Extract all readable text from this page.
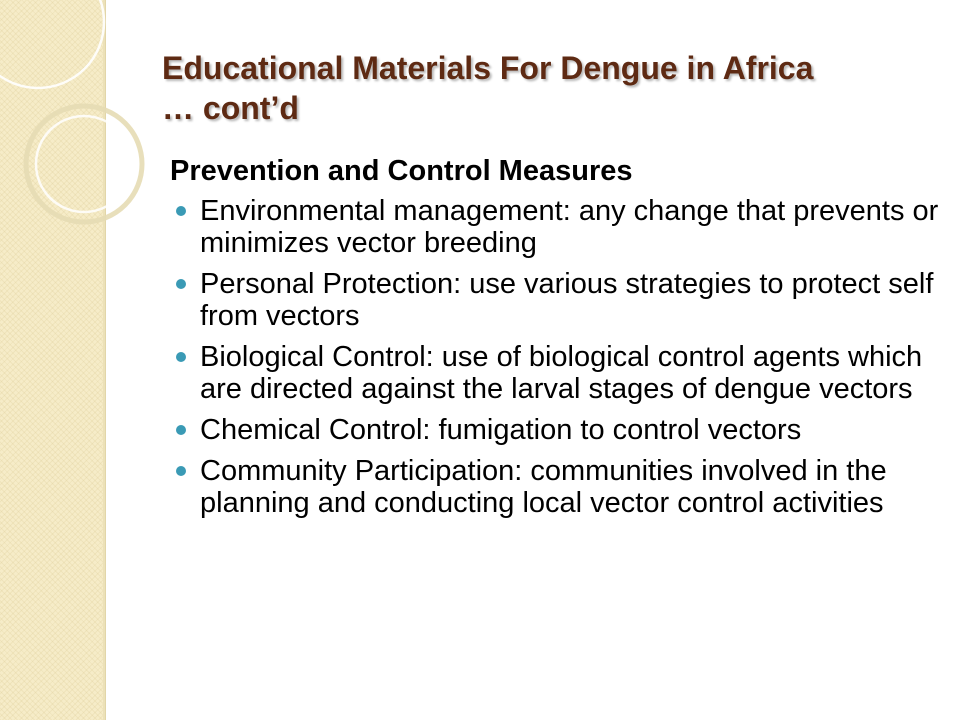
Educational Materials For Dengue in Africa
… cont’d

Prevention and Control Measures

Environmental management: any change that prevents or minimizes vector breeding
Personal Protection: use various strategies to protect self from vectors
Biological Control: use of biological control agents which are directed against the larval stages of dengue vectors
Chemical Control: fumigation to control vectors
Community Participation: communities involved in the planning and conducting local vector control activities
